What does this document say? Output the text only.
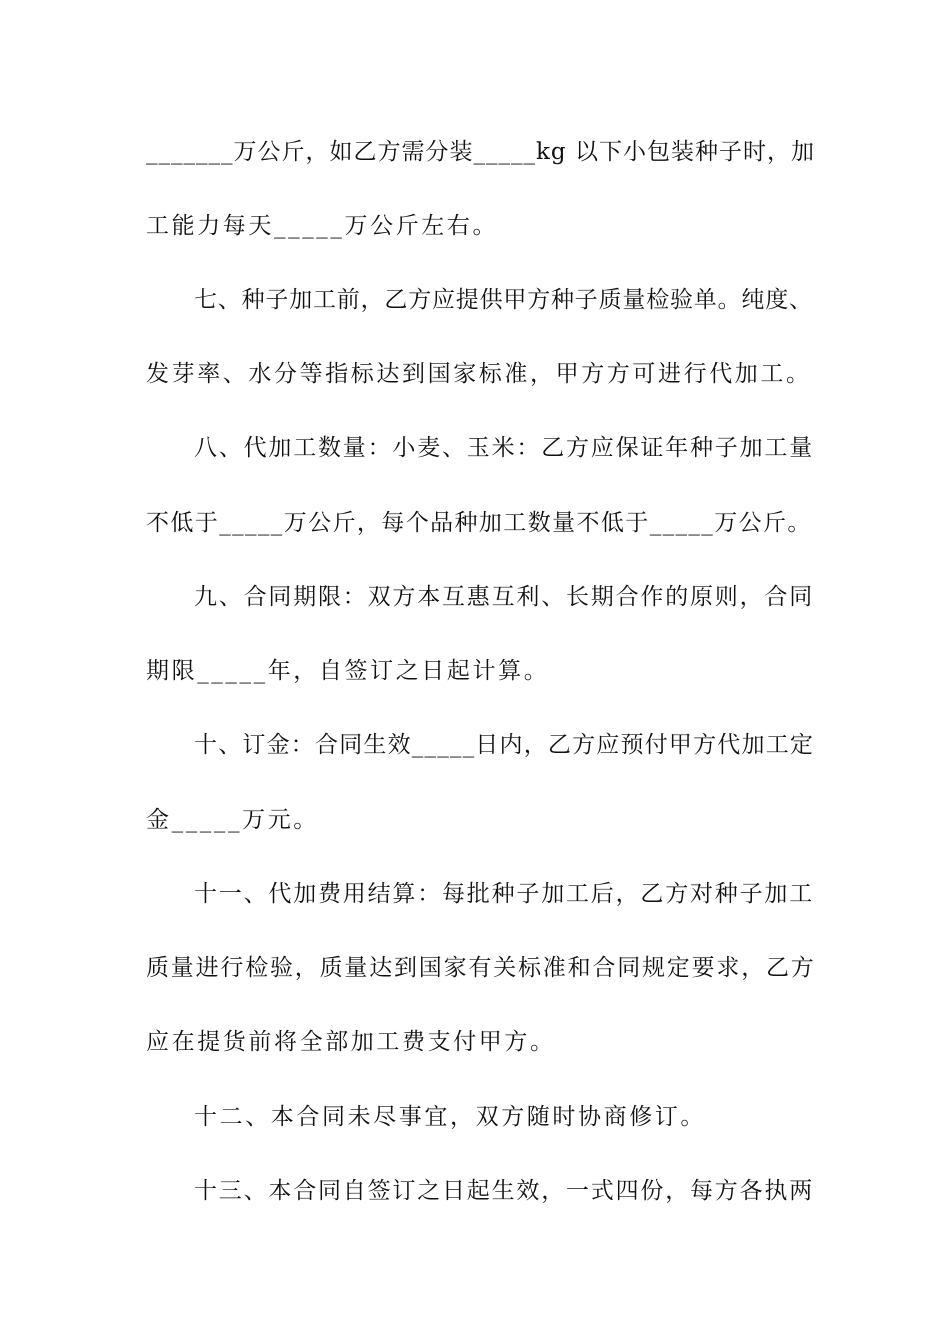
_______万公斤，如乙方需分装_____kg 以下小包装种子时，加
工能力每天_____万公斤左右。
七、种子加工前，乙方应提供甲方种子质量检验单。纯度、
发芽率、水分等指标达到国家标准，甲方方可进行代加工。
八、代加工数量：小麦、玉米：乙方应保证年种子加工量
不低于_____万公斤，每个品种加工数量不低于_____万公斤。
九、合同期限：双方本互惠互利、长期合作的原则，合同
期限_____年，自签订之日起计算。
十、订金：合同生效_____日内，乙方应预付甲方代加工定
金_____万元。
十一、代加费用结算：每批种子加工后，乙方对种子加工
质量进行检验，质量达到国家有关标准和合同规定要求，乙方
应在提货前将全部加工费支付甲方。
十二、本合同未尽事宜，双方随时协商修订。
十三、本合同自签订之日起生效，一式四份，每方各执两
